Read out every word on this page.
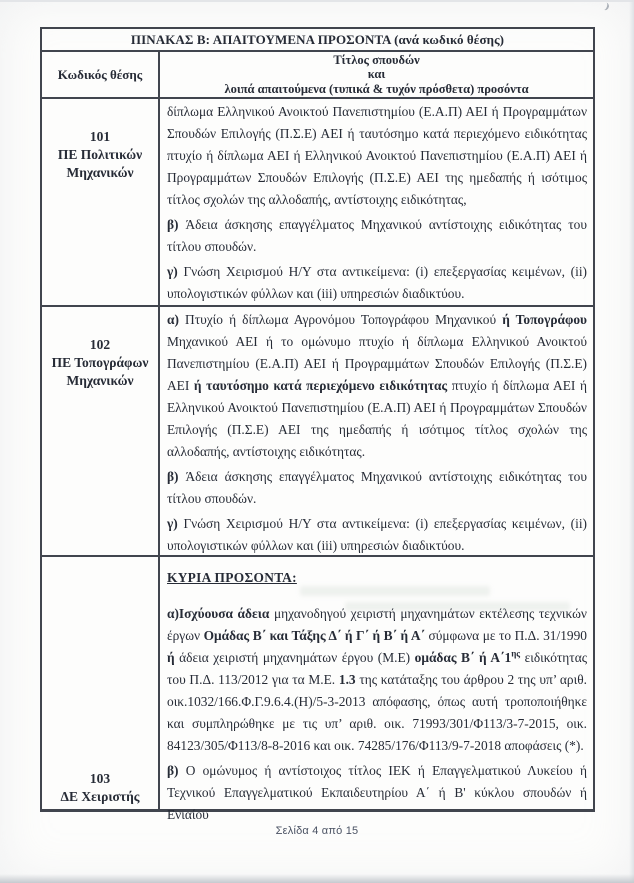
ΠΙΝΑΚΑΣ Β: ΑΠΑΙΤΟΥΜΕΝΑ ΠΡΟΣΟΝΤΑ (ανά κωδικό θέσης)
Κωδικός θέσης
Τίτλος σπουδών
και
λοιπά απαιτούμενα (τυπικά & τυχόν πρόσθετα) προσόντα
101
ΠΕ Πολιτικών
Μηχανικών

δίπλωμα Ελληνικού Ανοικτού Πανεπιστημίου (Ε.Α.Π) ΑΕΙ ή Προγραμμάτων Σπουδών Επιλογής (Π.Σ.Ε) ΑΕΙ ή ταυτόσημο κατά περιεχόμενο ειδικότητας πτυχίο ή δίπλωμα ΑΕΙ ή Ελληνικού Ανοικτού Πανεπιστημίου (Ε.Α.Π) ΑΕΙ ή Προγραμμάτων Σπουδών Επιλογής (Π.Σ.Ε) ΑΕΙ της ημεδαπής ή ισότιμος τίτλος σχολών της αλλοδαπής, αντίστοιχης ειδικότητας,

β) Άδεια άσκησης επαγγέλματος Μηχανικού αντίστοιχης ειδικότητας του τίτλου σπουδών.

γ) Γνώση Χειρισμού Η/Υ στα αντικείμενα: (i) επεξεργασίας κειμένων, (ii) υπολογιστικών φύλλων και (iii) υπηρεσιών διαδικτύου.

102
ΠΕ Τοπογράφων
Μηχανικών

α) Πτυχίο ή δίπλωμα Αγρονόμου Τοπογράφου Μηχανικού ή Τοπογράφου Μηχανικού ΑΕΙ ή το ομώνυμο πτυχίο ή δίπλωμα Ελληνικού Ανοικτού Πανεπιστημίου (Ε.Α.Π) ΑΕΙ ή Προγραμμάτων Σπουδών Επιλογής (Π.Σ.Ε) ΑΕΙ ή ταυτόσημο κατά περιεχόμενο ειδικότητας πτυχίο ή δίπλωμα ΑΕΙ ή Ελληνικού Ανοικτού Πανεπιστημίου (Ε.Α.Π) ΑΕΙ ή Προγραμμάτων Σπουδών Επιλογής (Π.Σ.Ε) ΑΕΙ της ημεδαπής ή ισότιμος τίτλος σχολών της αλλοδαπής, αντίστοιχης ειδικότητας.

β) Άδεια άσκησης επαγγέλματος Μηχανικού αντίστοιχης ειδικότητας του τίτλου σπουδών.

γ) Γνώση Χειρισμού Η/Υ στα αντικείμενα: (i) επεξεργασίας κειμένων, (ii) υπολογιστικών φύλλων και (iii) υπηρεσιών διαδικτύου.

103
ΔΕ Χειριστής

ΚΥΡΙΑ ΠΡΟΣΟΝΤΑ:

α)Ισχύουσα άδεια μηχανοδηγού χειριστή μηχανημάτων εκτέλεσης τεχνικών έργων Ομάδας Β΄ και Τάξης Δ΄ ή Γ΄ ή Β΄ ή Α΄ σύμφωνα με το Π.Δ. 31/1990 ή άδεια χειριστή μηχανημάτων έργου (Μ.Ε) ομάδας Β΄ ή $A΄1^{\eta\varsigma}$ ειδικότητας του Π.Δ. 113/2012 για τα Μ.Ε. 1.3 της κατάταξης του άρθρου 2 της υπ’ αριθ. οικ.1032/166.Φ.Γ.9.6.4.(Η)/5-3-2013 απόφασης, όπως αυτή τροποποιήθηκε και συμπληρώθηκε με τις υπ’ αριθ. οικ. 71993/301/Φ113/3-7-2015, οικ. 84123/305/Φ113/8-8-2016 και οικ. 74285/176/Φ113/9-7-2018 αποφάσεις (*).

β) Ο ομώνυμος ή αντίστοιχος τίτλος ΙΕΚ ή Επαγγελματικού Λυκείου ή Τεχνικού Επαγγελματικού Εκπαιδευτηρίου Α΄ ή Β' κύκλου σπουδών ή Ενιαίου

Σελίδα 4 από 15
